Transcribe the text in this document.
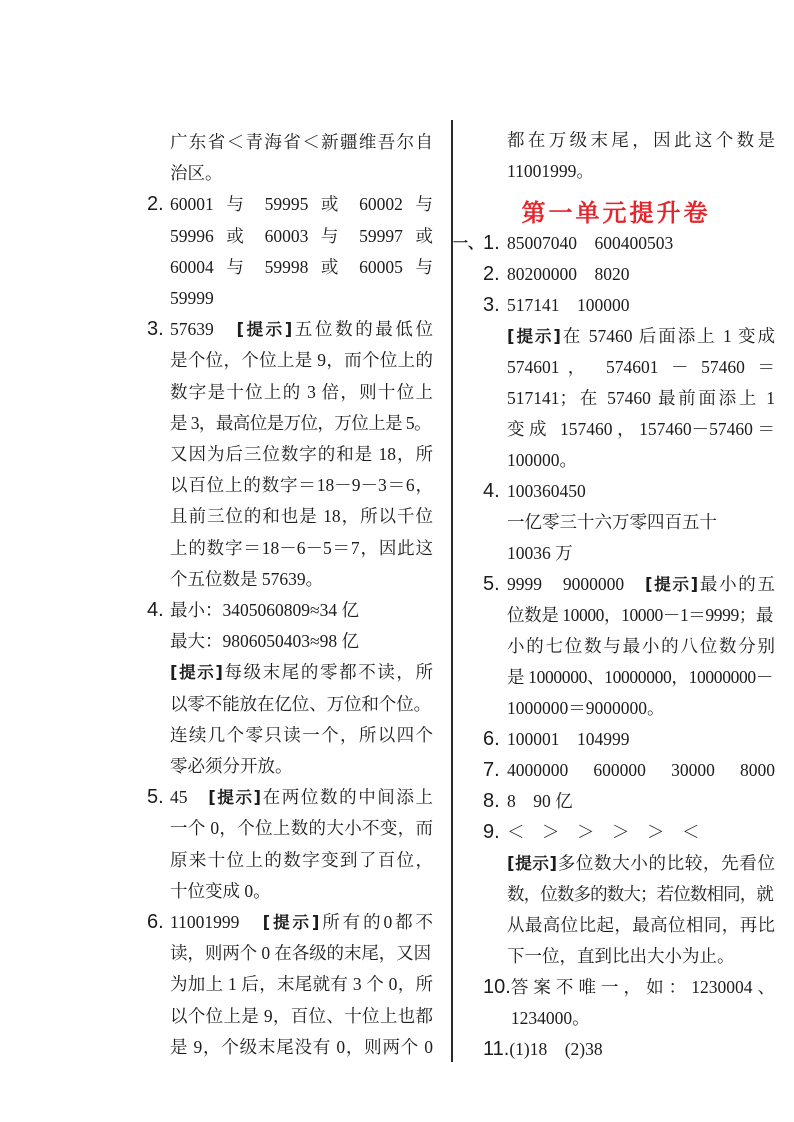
广东省＜青海省＜新疆维吾尔自
治区。
2. 60001 与 59995 或 60002 与
59996 或 60003 与 59997 或
60004 与 59998 或 60005 与
59999
3. 57639　[提示]五位数的最低位
是个位，个位上是 9，而个位上的
数字是十位上的 3 倍，则十位上
是 3，最高位是万位，万位上是 5。
又因为后三位数字的和是 18，所
以百位上的数字＝18－9－3＝6，
且前三位的和也是 18，所以千位
上的数字＝18－6－5＝7，因此这
个五位数是 57639。
4. 最小：3405060809≈34 亿
最大：9806050403≈98 亿
[提示]每级末尾的零都不读，所
以零不能放在亿位、万位和个位。
连续几个零只读一个，所以四个
零必须分开放。
5. 45　[提示]在两位数的中间添上
一个 0，个位上数的大小不变，而
原来十位上的数字变到了百位，
十位变成 0。
6. 11001999　[提示]所有的0都不
读，则两个 0 在各级的末尾，又因
为加上 1 后，末尾就有 3 个 0，所
以个位上是 9，百位、十位上也都
是 9，个级末尾没有 0，则两个 0
都在万级末尾，因此这个数是
11001999。
第一单元提升卷
一、 1. 85007040　600400503
2. 80200000　8020
3. 517141　100000
[提示]在 57460 后面添上 1 变成
574601， 574601 － 57460 ＝
517141；在 57460 最前面添上 1
变成 157460，157460－57460＝
100000。
4. 100360450
一亿零三十六万零四百五十
10036 万
5. 9999　9000000　[提示]最小的五
位数是 10000，10000－1＝9999；最
小的七位数与最小的八位数分别
是 1000000、10000000，10000000－
1000000＝9000000。
6. 100001　104999
7. 4000000　600000　30000　8000
8. 8　90 亿
9. ＜　＞　＞　＞　＞　＜
[提示]多位数大小的比较，先看位
数，位数多的数大；若位数相同，就
从最高位比起，最高位相同，再比
下一位，直到比出大小为止。
10. 答案不唯一，如：1230004、
1234000。
11. (1)18　(2)38
